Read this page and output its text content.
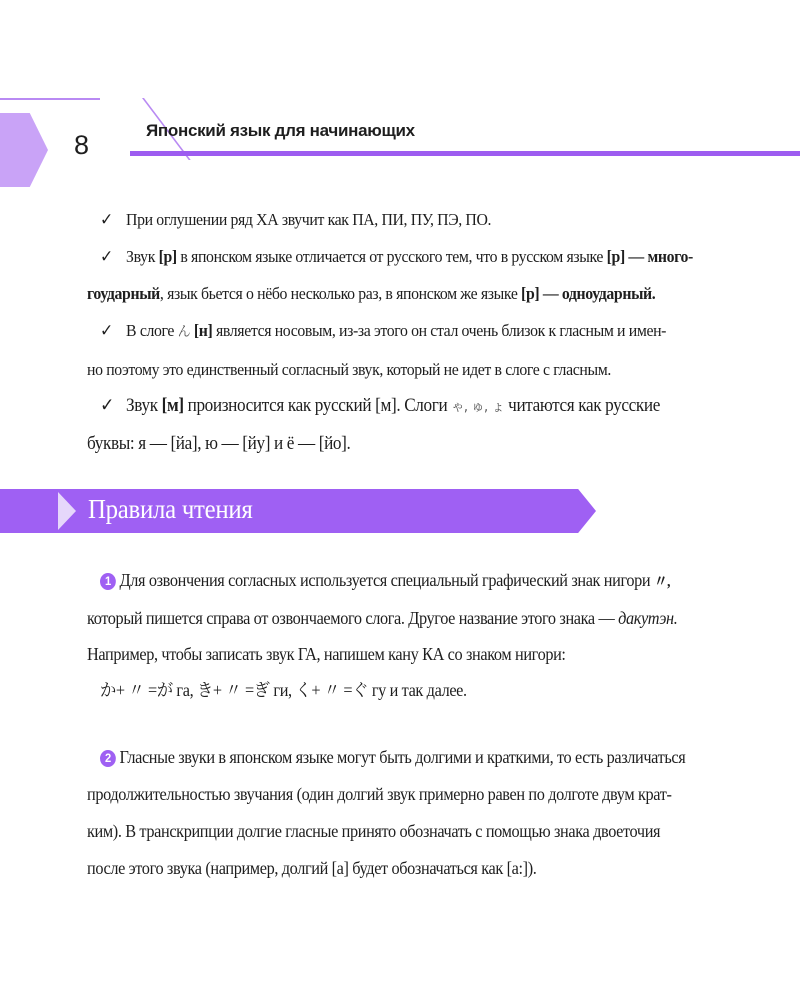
8	Японский язык для начинающих
✓ При оглушении ряд ХА звучит как ПА, ПИ, ПУ, ПЭ, ПО.
✓ Звук [р] в японском языке отличается от русского тем, что в русском языке [р] — много-
гоударный, язык бьется о нёбо несколько раз, в японском же языке [р] — одноударный.
✓ В слоге ん [н] является носовым, из-за этого он стал очень близок к гласным и имен-
но поэтому это единственный согласный звук, который не идет в слоге с гласным.
✓ Звук [м] произносится как русский [м]. Слоги ゃ, ゅ, ょ читаются как русские
буквы: я — [йа], ю — [йу] и ё — [йо].
Правила чтения
1 Для озвончения согласных используется специальный графический знак нигори 〃,
который пишется справа от озвончаемого слога. Другое название этого знака — дакутэн.
Например, чтобы записать звук ГА, напишем кану КА со знаком нигори:
か+ 〃 =が га, き+ 〃 =ぎ ги, く+ 〃 =ぐ гу и так далее.
2 Гласные звуки в японском языке могут быть долгими и краткими, то есть различаться
продолжительностью звучания (один долгий звук примерно равен по долготе двум крат-
ким). В транскрипции долгие гласные принято обозначать с помощью знака двоеточия
после этого звука (например, долгий [а] будет обозначаться как [а:]).
